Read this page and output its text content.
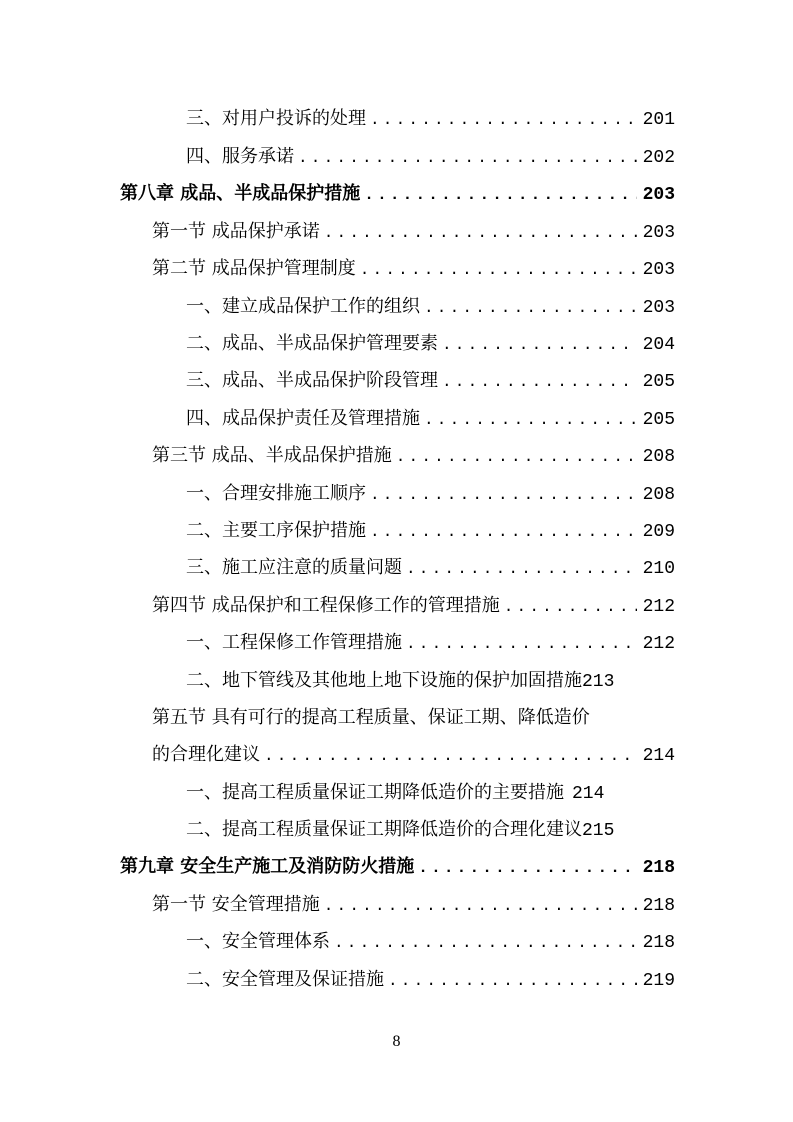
三、对用户投诉的处理 .....	201
四、服务承诺 .....	202
第八章 成品、半成品保护措施 .....	203
第一节 成品保护承诺 .....	203
第二节 成品保护管理制度 .....	203
一、建立成品保护工作的组织 .....	203
二、成品、半成品保护管理要素 .....	204
三、成品、半成品保护阶段管理 .....	205
四、成品保护责任及管理措施 .....	205
第三节 成品、半成品保护措施 .....	208
一、合理安排施工顺序 .....	208
二、主要工序保护措施 .....	209
三、施工应注意的质量问题 .....	210
第四节 成品保护和工程保修工作的管理措施 .....	212
一、工程保修工作管理措施 .....	212
二、地下管线及其他地上地下设施的保护加固措施 213
第五节 具有可行的提高工程质量、保证工期、降低造价
的合理化建议 .....	214
一、提高工程质量保证工期降低造价的主要措施 214
二、提高工程质量保证工期降低造价的合理化建议 215
第九章 安全生产施工及消防防火措施 .....	218
第一节 安全管理措施 .....	218
一、安全管理体系 .....	218
二、安全管理及保证措施 .....	219
8
